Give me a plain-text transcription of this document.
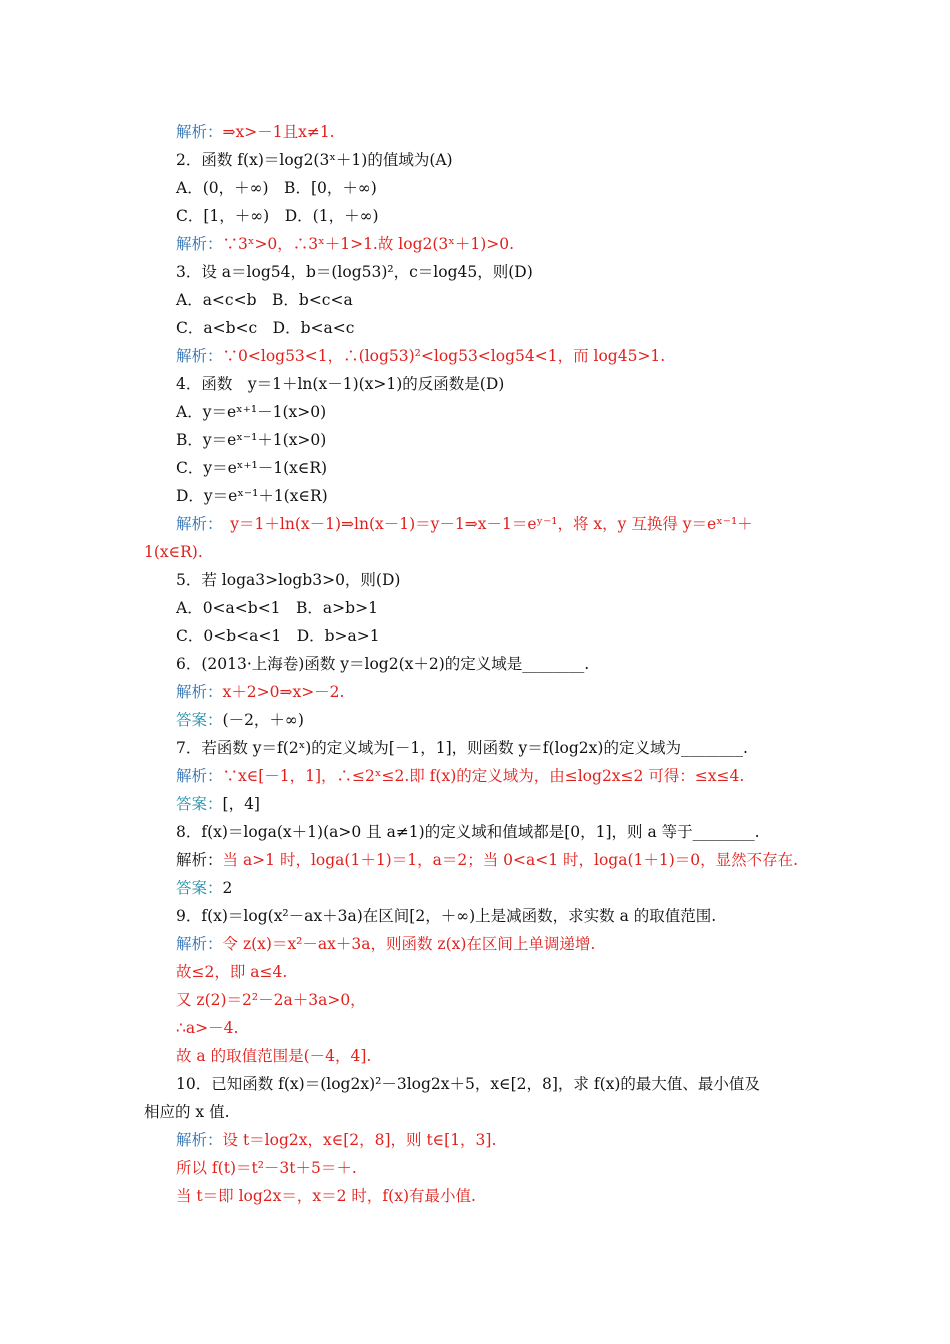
解析：⇒x>－1且x≠1.
2．函数 f(x)＝log2(3ˣ＋1)的值域为(A)
A．(0，＋∞)　B．[0，＋∞)
C．[1，＋∞)　D．(1，＋∞)
解析：∵3ˣ>0，∴3ˣ＋1>1.故 log2(3ˣ＋1)>0.
3．设 a＝log54，b＝(log53)²，c＝log45，则(D)
A．a<c<b　B．b<c<a
C．a<b<c　D．b<a<c
解析：∵0<log53<1，∴(log53)²<log53<log54<1，而 log45>1.
4．函数　y＝1＋ln(x－1)(x>1)的反函数是(D)
A．y＝eˣ⁺¹－1(x>0)
B．y＝eˣ⁻¹＋1(x>0)
C．y＝eˣ⁺¹－1(x∈R)
D．y＝eˣ⁻¹＋1(x∈R)
解析：　y＝1＋ln(x－1)⇒ln(x－1)＝y－1⇒x－1＝eʸ⁻¹，将 x，y 互换得 y＝eˣ⁻¹＋
1(x∈R).
5．若 loga3>logb3>0，则(D)
A．0<a<b<1　B．a>b>1
C．0<b<a<1　D．b>a>1
6．(2013·上海卷)函数 y＝log2(x＋2)的定义域是________.
解析：x＋2>0⇒x>－2.
答案：(－2，＋∞)
7．若函数 y＝f(2ˣ)的定义域为[－1，1]，则函数 y＝f(log2x)的定义域为________.
解析：∵x∈[－1，1]，∴≤2ˣ≤2.即 f(x)的定义域为，由≤log2x≤2 可得：≤x≤4.
答案：[，4]
8．f(x)＝loga(x＋1)(a>0 且 a≠1)的定义域和值域都是[0，1]，则 a 等于________.
解析：当 a>1 时，loga(1＋1)＝1，a＝2；当 0<a<1 时，loga(1＋1)＝0，显然不存在.
答案：2
9．f(x)＝log(x²－ax＋3a)在区间[2，＋∞)上是减函数，求实数 a 的取值范围.
解析：令 z(x)＝x²－ax＋3a，则函数 z(x)在区间上单调递增.
故≤2，即 a≤4.
又 z(2)＝2²－2a＋3a>0，
∴a>－4.
故 a 的取值范围是(－4，4].
10．已知函数 f(x)＝(log2x)²－3log2x＋5，x∈[2，8]，求 f(x)的最大值、最小值及
相应的 x 值.
解析：设 t＝log2x，x∈[2，8]，则 t∈[1，3].
所以 f(t)＝t²－3t＋5＝＋.
当 t＝即 log2x＝，x＝2 时，f(x)有最小值.
